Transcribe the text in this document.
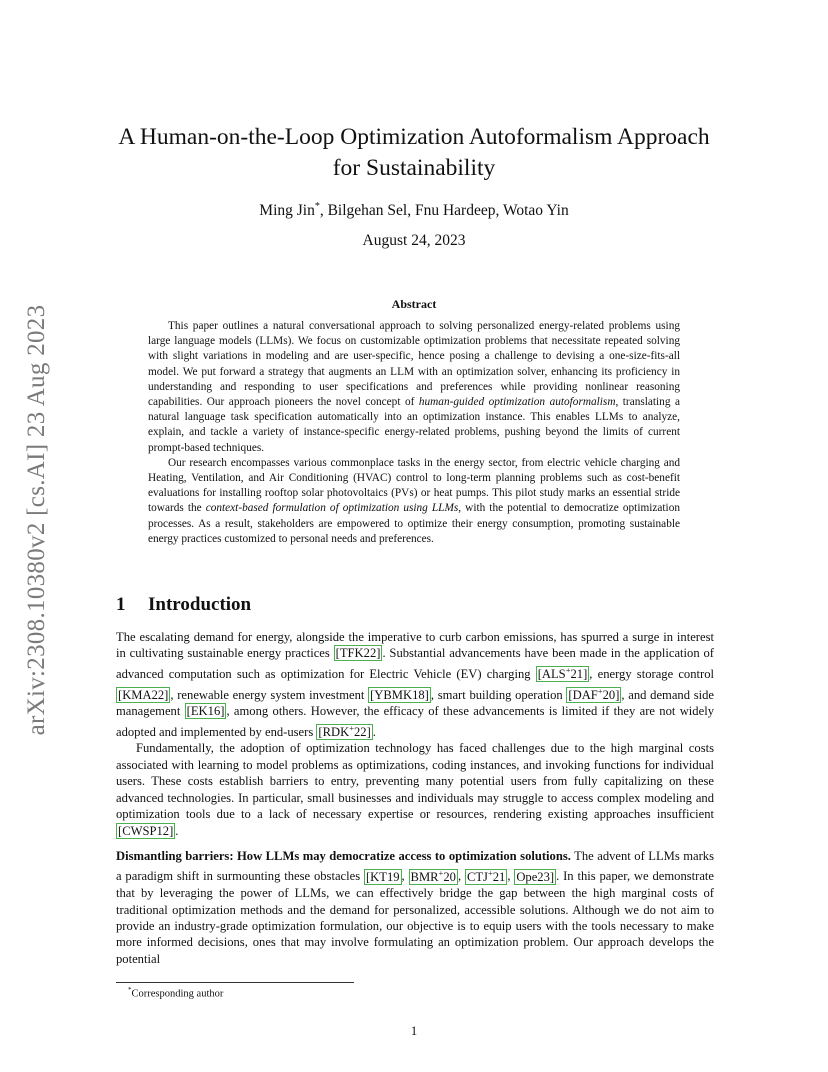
arXiv:2308.10380v2 [cs.AI] 23 Aug 2023
A Human-on-the-Loop Optimization Autoformalism Approach
for Sustainability
Ming Jin*, Bilgehan Sel, Fnu Hardeep, Wotao Yin
August 24, 2023
Abstract

This paper outlines a natural conversational approach to solving personalized energy-related problems using large language models (LLMs). We focus on customizable optimization problems that necessitate repeated solving with slight variations in modeling and are user-specific, hence posing a challenge to devising a one-size-fits-all model. We put forward a strategy that augments an LLM with an optimization solver, enhancing its proficiency in understanding and responding to user specifications and preferences while providing nonlinear reasoning capabilities. Our approach pioneers the novel concept of human-guided optimization autoformalism, translating a natural language task specification automatically into an optimization instance. This enables LLMs to analyze, explain, and tackle a variety of instance-specific energy-related problems, pushing beyond the limits of current prompt-based techniques.

Our research encompasses various commonplace tasks in the energy sector, from electric vehicle charging and Heating, Ventilation, and Air Conditioning (HVAC) control to long-term planning problems such as cost-benefit evaluations for installing rooftop solar photovoltaics (PVs) or heat pumps. This pilot study marks an essential stride towards the context-based formulation of optimization using LLMs, with the potential to democratize optimization processes. As a result, stakeholders are empowered to optimize their energy consumption, promoting sustainable energy practices customized to personal needs and preferences.

1 Introduction

The escalating demand for energy, alongside the imperative to curb carbon emissions, has spurred a surge in interest in cultivating sustainable energy practices [TFK22] . Substantial advancements have been made in the application of advanced computation such as optimization for Electric Vehicle (EV) charging [ALS+21] , energy storage control [KMA22] , renewable energy system investment [YBMK18] , smart building operation [DAF+20] , and demand side management [EK16] , among others. However, the efficacy of these advancements is limited if they are not widely adopted and implemented by end-users [RDK+22] .

Fundamentally, the adoption of optimization technology has faced challenges due to the high marginal costs associated with learning to model problems as optimizations, coding instances, and invoking functions for individual users. These costs establish barriers to entry, preventing many potential users from fully capitalizing on these advanced technologies. In particular, small businesses and individuals may struggle to access complex modeling and optimization tools due to a lack of necessary expertise or resources, rendering existing approaches insufficient [CWSP12] .

Dismantling barriers: How LLMs may democratize access to optimization solutions. The advent of LLMs marks a paradigm shift in surmounting these obstacles [KT19 , BMR+20 , CTJ+21 , Ope23] . In this paper, we demonstrate that by leveraging the power of LLMs, we can effectively bridge the gap between the high marginal costs of traditional optimization methods and the demand for personalized, accessible solutions. Although we do not aim to provide an industry-grade optimization formulation, our objective is to equip users with the tools necessary to make more informed decisions, ones that may involve formulating an optimization problem. Our approach develops the potential

*Corresponding author
1
